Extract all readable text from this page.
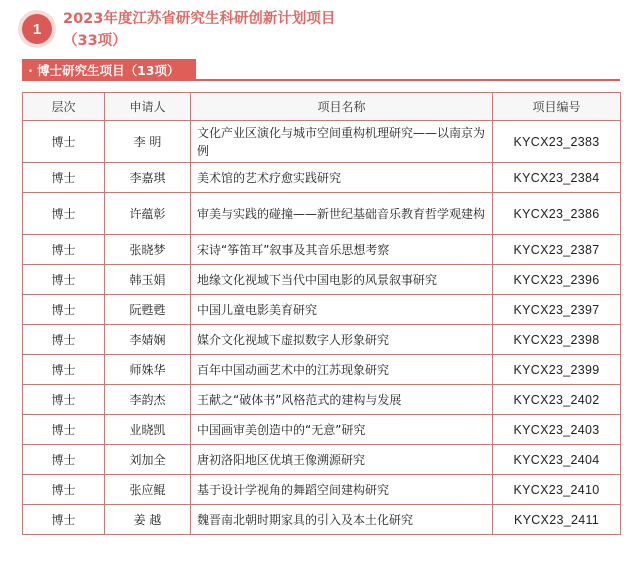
1
2023年度江苏省研究生科研创新计划项目
（33项）
· 博士研究生项目（13项）
层次	申请人	项目名称	项目编号
博士	李 明	文化产业区演化与城市空间重构机理研究——以南京为例	KYCX23_2383
博士	李嘉琪	美术馆的艺术疗愈实践研究	KYCX23_2384
博士	许蕴彰	审美与实践的碰撞——新世纪基础音乐教育哲学观建构	KYCX23_2386
博士	张晓梦	宋诗“筝笛耳”叙事及其音乐思想考察	KYCX23_2387
博士	韩玉娟	地缘文化视域下当代中国电影的风景叙事研究	KYCX23_2396
博士	阮甦甦	中国儿童电影美育研究	KYCX23_2397
博士	李婧娴	媒介文化视域下虚拟数字人形象研究	KYCX23_2398
博士	师姝华	百年中国动画艺术中的江苏现象研究	KYCX23_2399
博士	李韵杰	王献之“破体书”风格范式的建构与发展	KYCX23_2402
博士	业晓凯	中国画审美创造中的“无意”研究	KYCX23_2403
博士	刘加全	唐初洛阳地区优填王像溯源研究	KYCX23_2404
博士	张应鲲	基于设计学视角的舞蹈空间建构研究	KYCX23_2410
博士	姜 越	魏晋南北朝时期家具的引入及本土化研究	KYCX23_2411
